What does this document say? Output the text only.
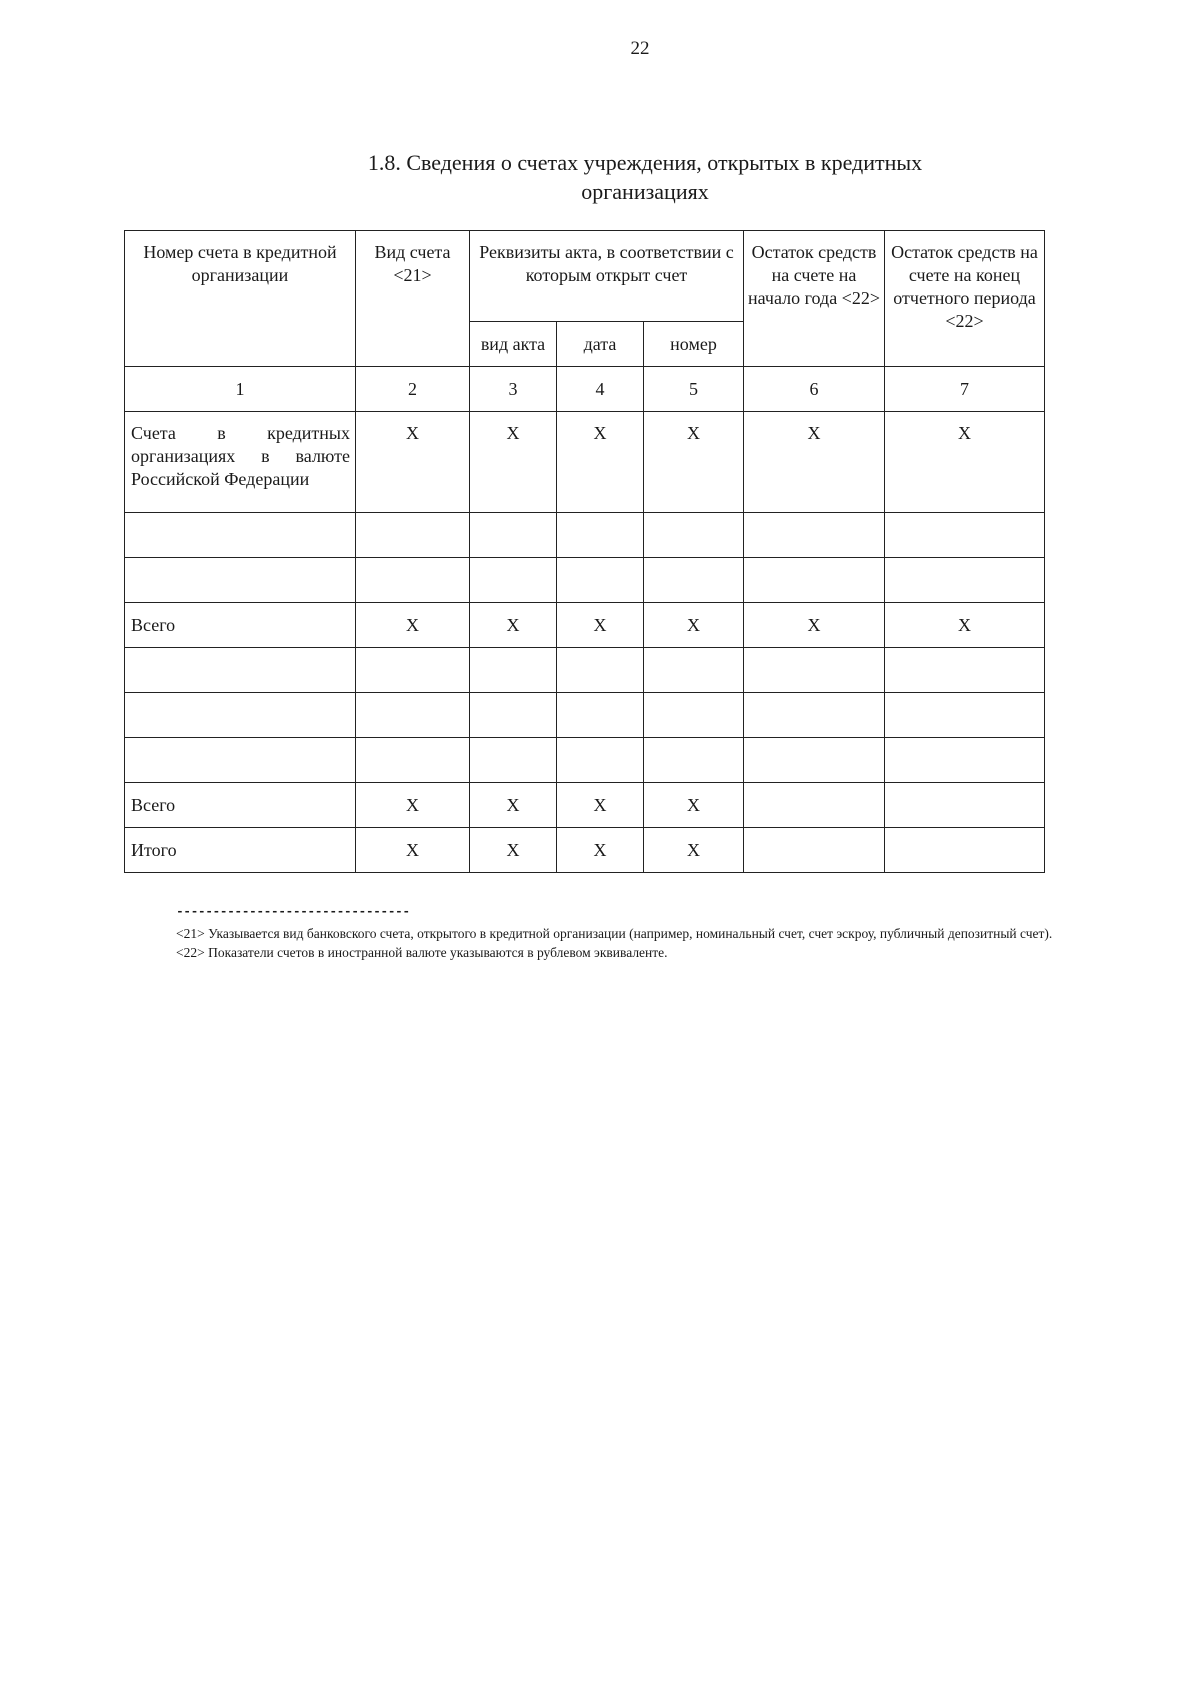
22
1.8. Сведения о счетах учреждения, открытых в кредитных
организациях
Номер счета в кредитной организации	Вид счета <21>	Реквизиты акта, в соответствии с которым открыт счет			Остаток средств на счете на начало года <22>	Остаток средств на счете на конец отчетного периода <22>
		вид акта	дата	номер		
1	2	3	4	5	6	7
Счета в кредитных организациях в валюте Российской Федерации	X	X	X	X	X	X

Всего	X	X	X	X	X	X

Всего	X	X	X	X		
Итого	X	X	X	X		
--------------------------------

<21> Указывается вид банковского счета, открытого в кредитной организации (например, номинальный счет, счет эскроу, публичный депозитный счет).

<22> Показатели счетов в иностранной валюте указываются в рублевом эквиваленте.
